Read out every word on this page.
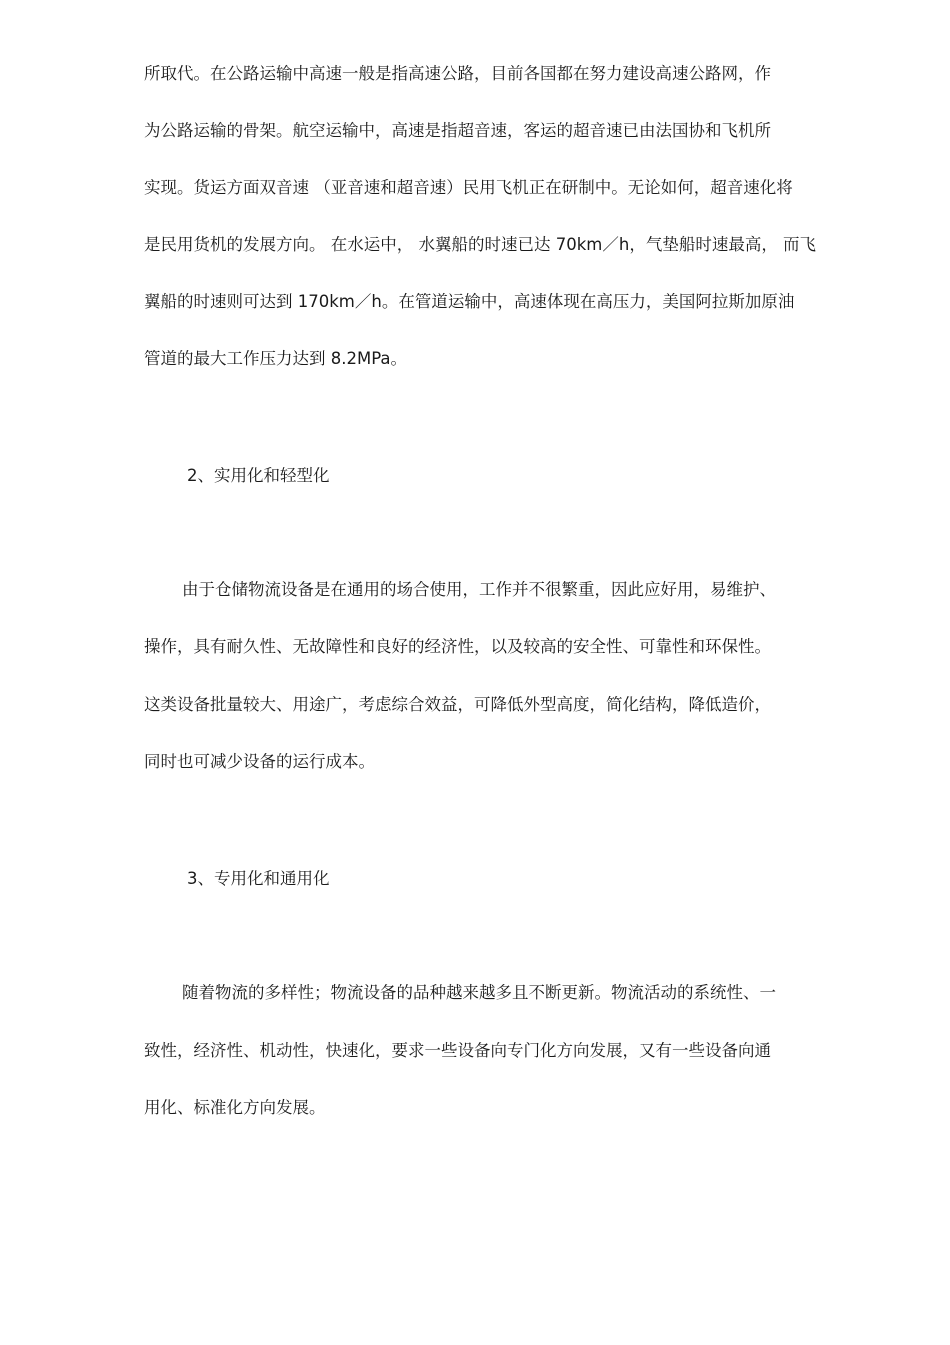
所取代。在公路运输中高速一般是指高速公路，目前各国都在努力建设高速公路网，作
为公路运输的骨架。航空运输中，高速是指超音速，客运的超音速已由法国协和飞机所
实现。货运方面双音速 （亚音速和超音速）民用飞机正在研制中。无论如何，超音速化将
是民用货机的发展方向。 在水运中， 水翼船的时速已达 70km／h，气垫船时速最高， 而飞
翼船的时速则可达到 170km／h。在管道运输中，高速体现在高压力，美国阿拉斯加原油
管道的最大工作压力达到 8.2MPa。
2、实用化和轻型化
由于仓储物流设备是在通用的场合使用，工作并不很繁重，因此应好用，易维护、
操作，具有耐久性、无故障性和良好的经济性，以及较高的安全性、可靠性和环保性。
这类设备批量较大、用途广，考虑综合效益，可降低外型高度，简化结构，降低造价，
同时也可减少设备的运行成本。
3、专用化和通用化
随着物流的多样性；物流设备的品种越来越多且不断更新。物流活动的系统性、一
致性，经济性、机动性，快速化，要求一些设备向专门化方向发展，又有一些设备向通
用化、标准化方向发展。
